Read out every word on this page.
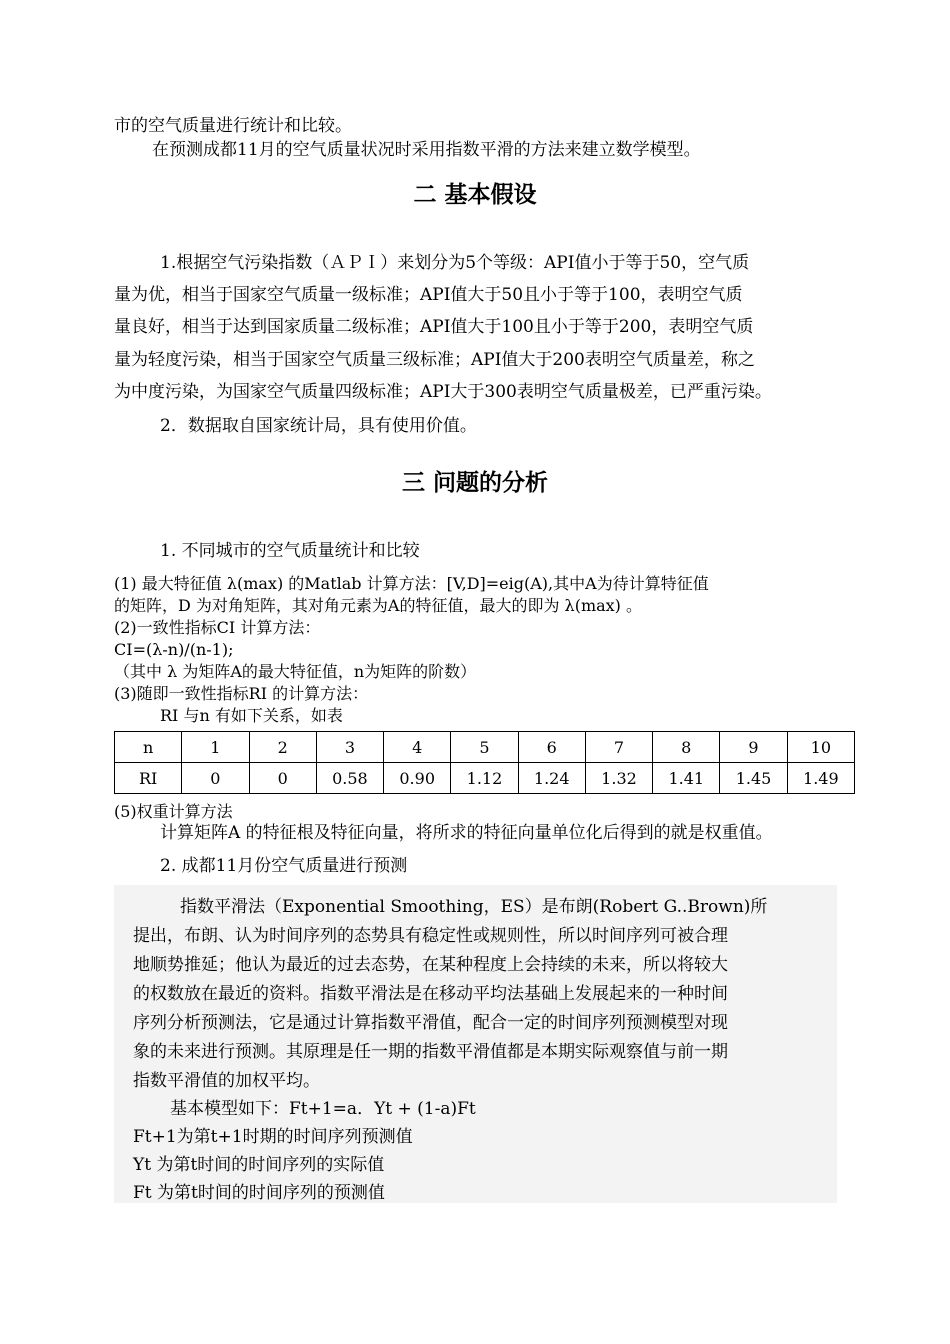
市的空气质量进行统计和比较。
在预测成都11月的空气质量状况时采用指数平滑的方法来建立数学模型。
二 基本假设
1.根据空气污染指数（ＡＰＩ）来划分为5个等级：API值小于等于50，空气质
量为优，相当于国家空气质量一级标准；API值大于50且小于等于100，表明空气质
量良好，相当于达到国家质量二级标准；API值大于100且小于等于200，表明空气质
量为轻度污染，相当于国家空气质量三级标准；API值大于200表明空气质量差，称之
为中度污染，为国家空气质量四级标准；API大于300表明空气质量极差，已严重污染。
2．数据取自国家统计局，具有使用价值。
三 问题的分析
1. 不同城市的空气质量统计和比较
(1) 最大特征值 λ(max) 的Matlab 计算方法：[V,D]=eig(A),其中A为待计算特征值
的矩阵，D 为对角矩阵，其对角元素为A的特征值，最大的即为 λ(max) 。
(2)一致性指标CI 计算方法：
CI=(λ-n)/(n-1);
（其中 λ 为矩阵A的最大特征值，n为矩阵的阶数）
(3)随即一致性指标RI 的计算方法：
RI 与n 有如下关系，如表
n	1	2	3	4	5	6	7	8	9	10
RI	0	0	0.58	0.90	1.12	1.24	1.32	1.41	1.45	1.49
(5)权重计算方法
计算矩阵A 的特征根及特征向量，将所求的特征向量单位化后得到的就是权重值。
2. 成都11月份空气质量进行预测
指数平滑法（Exponential Smoothing，ES）是布朗(Robert G..Brown)所
提出，布朗、认为时间序列的态势具有稳定性或规则性，所以时间序列可被合理
地顺势推延；他认为最近的过去态势，在某种程度上会持续的未来，所以将较大
的权数放在最近的资料。指数平滑法是在移动平均法基础上发展起来的一种时间
序列分析预测法，它是通过计算指数平滑值，配合一定的时间序列预测模型对现
象的未来进行预测。其原理是任一期的指数平滑值都是本期实际观察值与前一期
指数平滑值的加权平均。
基本模型如下：Ft+1=a．Yt + (1-a)Ft
Ft+1为第t+1时期的时间序列预测值
Yt 为第t时间的时间序列的实际值
Ft 为第t时间的时间序列的预测值
